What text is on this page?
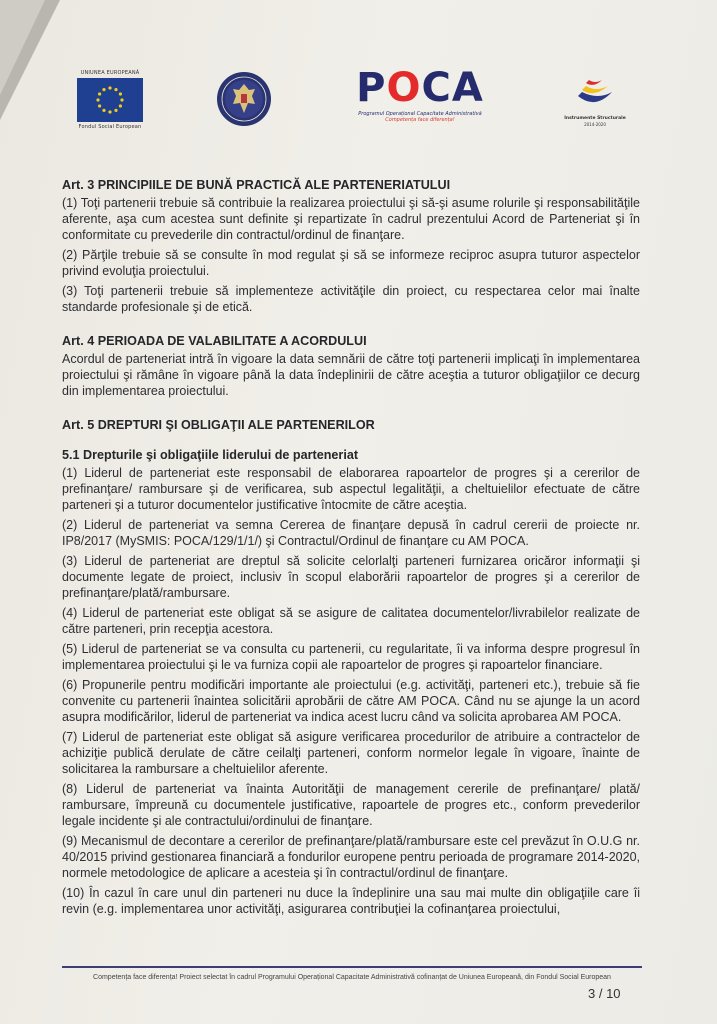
UNIUNEA EUROPEANĂ
Fondul Social European
POCA
Programul Operațional Capacitate Administrativă
Competența face diferența!	Instrumente Structurale
2014-2020
Art. 3 PRINCIPIILE DE BUNĂ PRACTICĂ ALE PARTENERIATULUI

(1) Toţi partenerii trebuie să contribuie la realizarea proiectului şi să-şi asume rolurile şi responsabilităţile aferente, aşa cum acestea sunt definite şi repartizate în cadrul prezentului Acord de Parteneriat şi în conformitate cu prevederile din contractul/ordinul de finanţare.

(2) Părţile trebuie să se consulte în mod regulat şi să se informeze reciproc asupra tuturor aspectelor privind evoluţia proiectului.

(3) Toţi partenerii trebuie să implementeze activităţile din proiect, cu respectarea celor mai înalte standarde profesionale şi de etică.

Art. 4 PERIOADA DE VALABILITATE A ACORDULUI

Acordul de parteneriat intră în vigoare la data semnării de către toţi partenerii implicaţi în implementarea proiectului şi rămâne în vigoare până la data îndeplinirii de către aceştia a tuturor obligaţiilor ce decurg din implementarea proiectului.

Art. 5 DREPTURI ŞI OBLIGAŢII ALE PARTENERILOR
5.1 Drepturile şi obligaţiile liderului de parteneriat

(1) Liderul de parteneriat este responsabil de elaborarea rapoartelor de progres şi a cererilor de prefinanţare/ rambursare şi de verificarea, sub aspectul legalităţii, a cheltuielilor efectuate de către parteneri şi a tuturor documentelor justificative întocmite de către aceştia.

(2) Liderul de parteneriat va semna Cererea de finanţare depusă în cadrul cererii de proiecte nr. IP8/2017 (MySMIS: POCA/129/1/1/) şi Contractul/Ordinul de finanţare cu AM POCA.

(3) Liderul de parteneriat are dreptul să solicite celorlalţi parteneri furnizarea oricăror informaţii şi documente legate de proiect, inclusiv în scopul elaborării rapoartelor de progres şi a cererilor de prefinanţare/plată/rambursare.

(4) Liderul de parteneriat este obligat să se asigure de calitatea documentelor/livrabilelor realizate de către parteneri, prin recepţia acestora.

(5) Liderul de parteneriat se va consulta cu partenerii, cu regularitate, îi va informa despre progresul în implementarea proiectului şi le va furniza copii ale rapoartelor de progres şi rapoartelor financiare.

(6) Propunerile pentru modificări importante ale proiectului (e.g. activităţi, parteneri etc.), trebuie să fie convenite cu partenerii înaintea solicitării aprobării de către AM POCA. Când nu se ajunge la un acord asupra modificărilor, liderul de parteneriat va indica acest lucru când va solicita aprobarea AM POCA.

(7) Liderul de parteneriat este obligat să asigure verificarea procedurilor de atribuire a contractelor de achiziţie publică derulate de către ceilalţi parteneri, conform normelor legale în vigoare, înainte de solicitarea la rambursare a cheltuielilor aferente.

(8) Liderul de parteneriat va înainta Autorităţii de management cererile de prefinanţare/ plată/ rambursare, împreună cu documentele justificative, rapoartele de progres etc., conform prevederilor legale incidente şi ale contractului/ordinului de finanţare.

(9) Mecanismul de decontare a cererilor de prefinanţare/plată/rambursare este cel prevăzut în O.U.G nr. 40/2015 privind gestionarea financiară a fondurilor europene pentru perioada de programare 2014-2020, normele metodologice de aplicare a acesteia şi în contractul/ordinul de finanţare.

(10) În cazul în care unul din parteneri nu duce la îndeplinire una sau mai multe din obligaţiile care îi revin (e.g. implementarea unor activităţi, asigurarea contribuţiei la cofinanţarea proiectului,

Competența face diferența! Proiect selectat în cadrul Programului Operațional Capacitate Administrativă cofinanțat de Uniunea Europeană, din Fondul Social European
3 / 10
